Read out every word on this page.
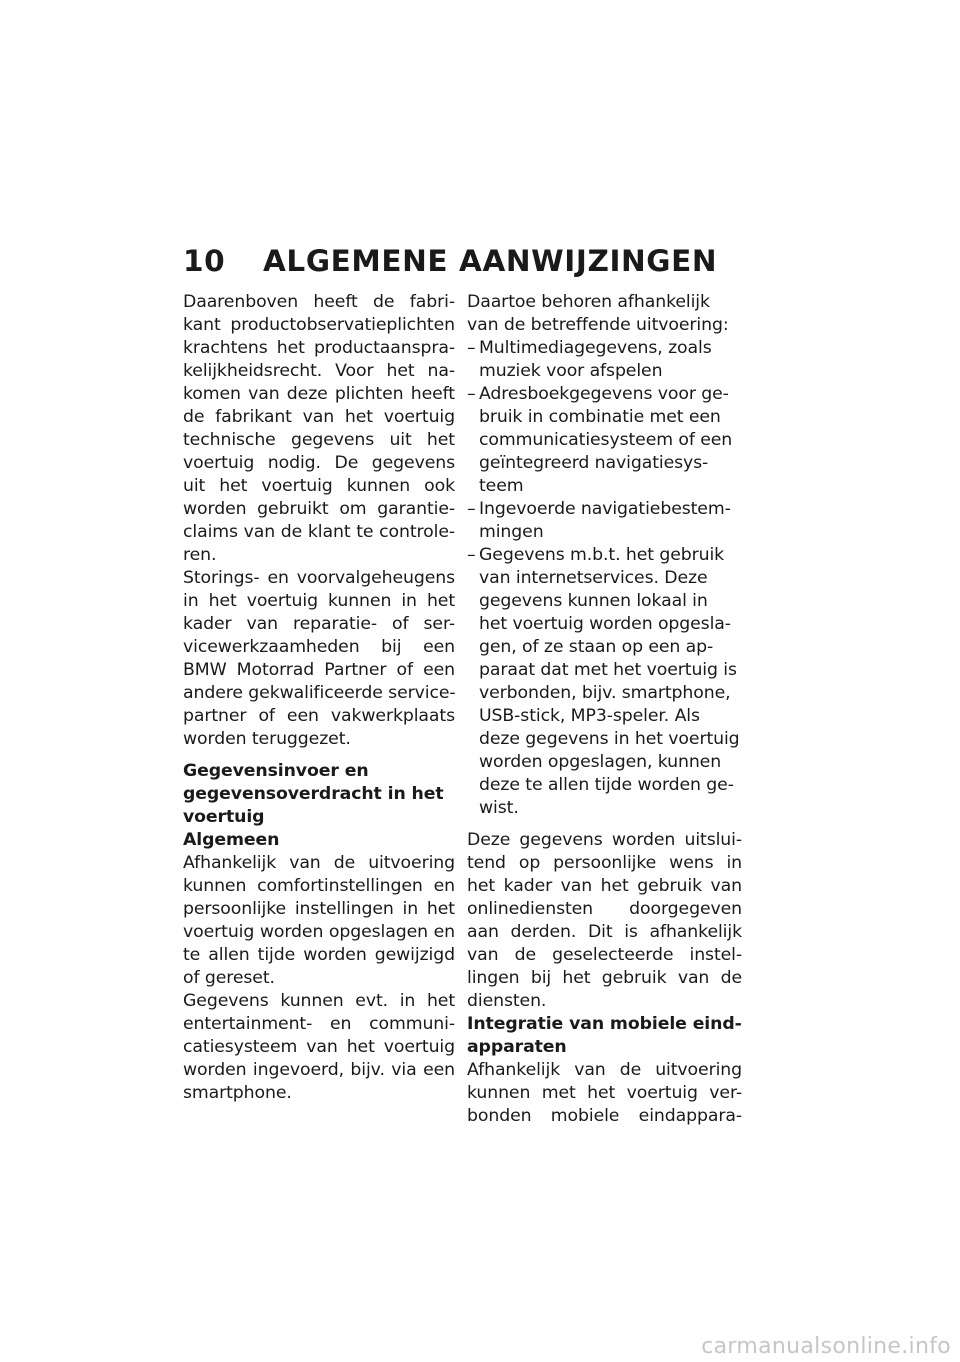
10 ALGEMENE AANWIJZINGEN
Daarenboven heeft de fabri-
kant productobservatieplichten
krachtens het productaanspra-
kelijkheidsrecht. Voor het na-
komen van deze plichten heeft
de fabrikant van het voertuig
technische gegevens uit het
voertuig nodig. De gegevens
uit het voertuig kunnen ook
worden gebruikt om garantie-
claims van de klant te controle-
ren.
Storings- en voorvalgeheugens
in het voertuig kunnen in het
kader van reparatie- of ser-
vicewerkzaamheden bij een
BMW Motorrad Partner of een
andere gekwalificeerde service-
partner of een vakwerkplaats
worden teruggezet.
Gegevensinvoer en
gegevensoverdracht in het
voertuig
Algemeen
Afhankelijk van de uitvoering
kunnen comfortinstellingen en
persoonlijke instellingen in het
voertuig worden opgeslagen en
te allen tijde worden gewijzigd
of gereset.
Gegevens kunnen evt. in het
entertainment- en communi-
catiesysteem van het voertuig
worden ingevoerd, bijv. via een
smartphone.
Daartoe behoren afhankelijk
van de betreffende uitvoering:
– Multimediagegevens, zoals
muziek voor afspelen
– Adresboekgegevens voor ge-
bruik in combinatie met een
communicatiesysteem of een
geïntegreerd navigatiesys-
teem
– Ingevoerde navigatiebestem-
mingen
– Gegevens m.b.t. het gebruik
van internetservices. Deze
gegevens kunnen lokaal in
het voertuig worden opgesla-
gen, of ze staan op een ap-
paraat dat met het voertuig is
verbonden, bijv. smartphone,
USB-stick, MP3-speler. Als
deze gegevens in het voertuig
worden opgeslagen, kunnen
deze te allen tijde worden ge-
wist.
Deze gegevens worden uitslui-
tend op persoonlijke wens in
het kader van het gebruik van
onlinediensten doorgegeven
aan derden. Dit is afhankelijk
van de geselecteerde instel-
lingen bij het gebruik van de
diensten.
Integratie van mobiele eind-
apparaten
Afhankelijk van de uitvoering
kunnen met het voertuig ver-
bonden mobiele eindappara-
carmanualsonline.info
